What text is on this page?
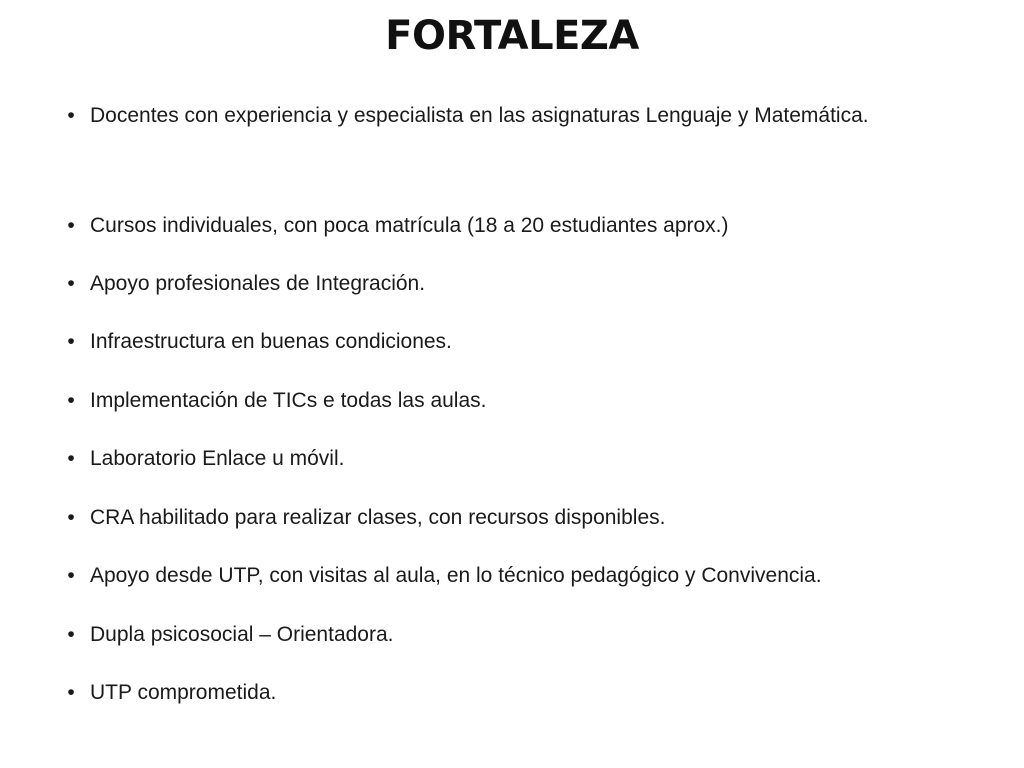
FORTALEZA
• Docentes con experiencia y especialista en las asignaturas Lenguaje y Matemática.
• Cursos individuales, con poca matrícula (18 a 20 estudiantes aprox.)
• Apoyo profesionales de Integración.
• Infraestructura en buenas condiciones.
• Implementación de TICs e todas las aulas.
• Laboratorio Enlace u móvil.
• CRA habilitado para realizar clases, con recursos disponibles.
• Apoyo desde UTP, con visitas al aula, en lo técnico pedagógico y Convivencia.
• Dupla psicosocial – Orientadora.
• UTP comprometida.
